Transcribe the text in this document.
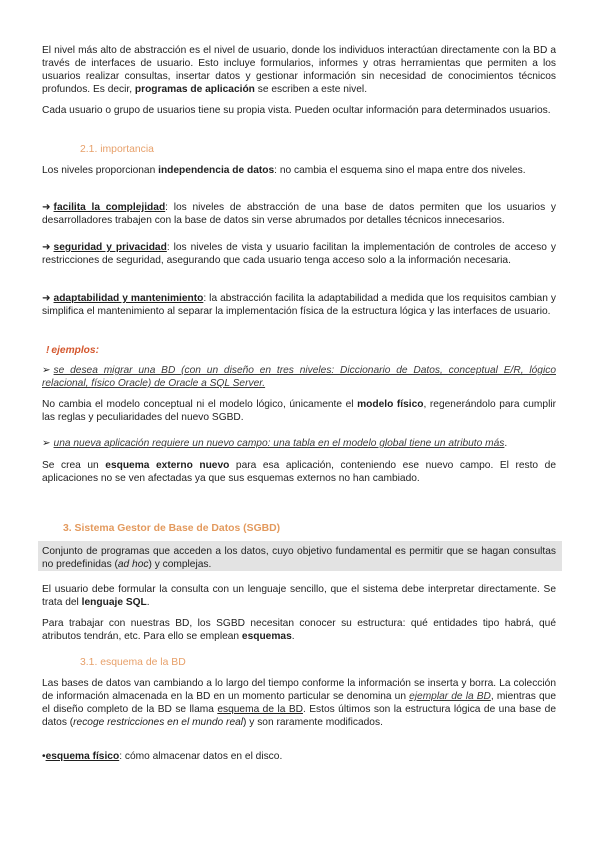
El nivel más alto de abstracción es el nivel de usuario, donde los individuos interactúan directamente con la BD a través de interfaces de usuario. Esto incluye formularios, informes y otras herramientas que permiten a los usuarios realizar consultas, insertar datos y gestionar información sin necesidad de conocimientos técnicos profundos. Es decir, programas de aplicación se escriben a este nivel.

Cada usuario o grupo de usuarios tiene su propia vista. Pueden ocultar información para determinados usuarios.

2.1. importancia

Los niveles proporcionan independencia de datos: no cambia el esquema sino el mapa entre dos niveles.

➜ facilita la complejidad: los niveles de abstracción de una base de datos permiten que los usuarios y desarrolladores trabajen con la base de datos sin verse abrumados por detalles técnicos innecesarios.

➜ seguridad y privacidad: los niveles de vista y usuario facilitan la implementación de controles de acceso y restricciones de seguridad, asegurando que cada usuario tenga acceso solo a la información necesaria.

➜ adaptabilidad y mantenimiento: la abstracción facilita la adaptabilidad a medida que los requisitos cambian y simplifica el mantenimiento al separar la implementación física de la estructura lógica y las interfaces de usuario.

! ejemplos:

➢ se desea migrar una BD (con un diseño en tres niveles: Diccionario de Datos, conceptual E/R, lógico relacional, físico Oracle) de Oracle a SQL Server.

No cambia el modelo conceptual ni el modelo lógico, únicamente el modelo físico, regenerándolo para cumplir las reglas y peculiaridades del nuevo SGBD.

➢ una nueva aplicación requiere un nuevo campo: una tabla en el modelo global tiene un atributo más.

Se crea un esquema externo nuevo para esa aplicación, conteniendo ese nuevo campo. El resto de aplicaciones no se ven afectadas ya que sus esquemas externos no han cambiado.

3. Sistema Gestor de Base de Datos (SGBD)

Conjunto de programas que acceden a los datos, cuyo objetivo fundamental es permitir que se hagan consultas no predefinidas (ad hoc) y complejas.

El usuario debe formular la consulta con un lenguaje sencillo, que el sistema debe interpretar directamente. Se trata del lenguaje SQL.

Para trabajar con nuestras BD, los SGBD necesitan conocer su estructura: qué entidades tipo habrá, qué atributos tendrán, etc. Para ello se emplean esquemas.

3.1. esquema de la BD

Las bases de datos van cambiando a lo largo del tiempo conforme la información se inserta y borra. La colección de información almacenada en la BD en un momento particular se denomina un ejemplar de la BD, mientras que el diseño completo de la BD se llama esquema de la BD. Estos últimos son la estructura lógica de una base de datos (recoge restricciones en el mundo real) y son raramente modificados.

•esquema físico: cómo almacenar datos en el disco.
